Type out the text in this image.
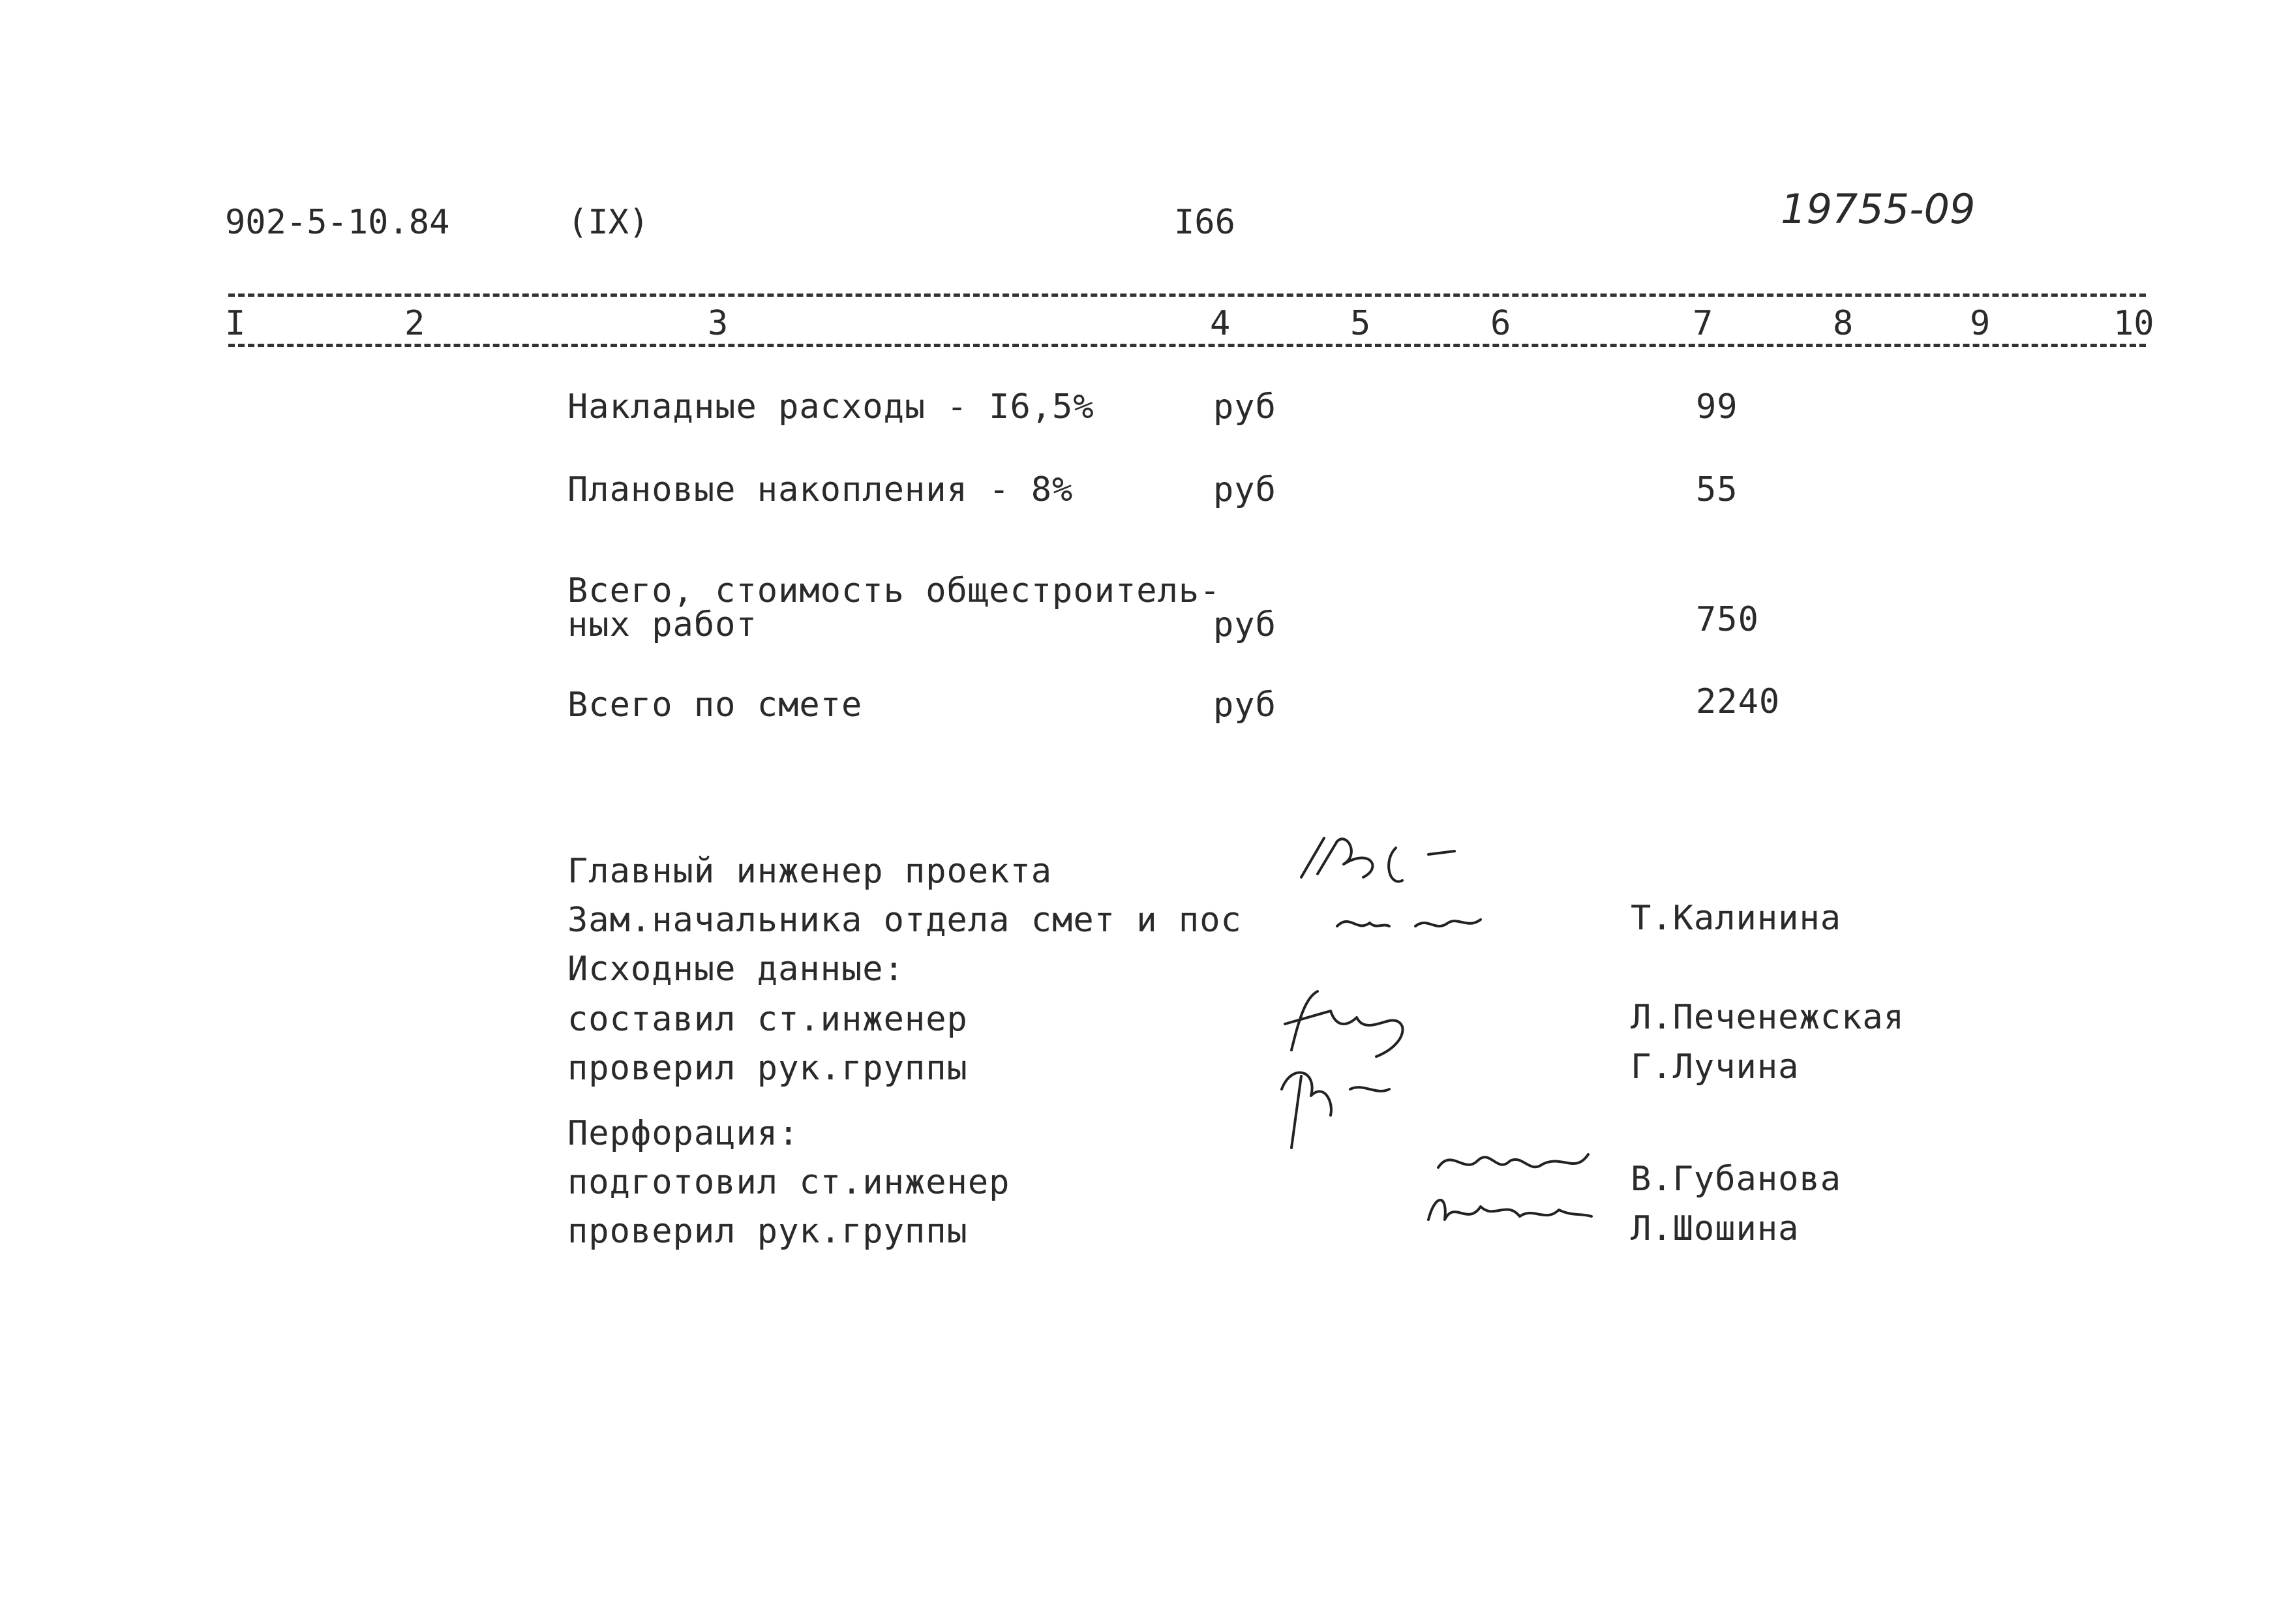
902-5-10.84	(IX)	I66	19755-09
I	2	3	4	5	6	7	8	9	10
Накладные расходы - I6,5%	руб	99
Плановые накопления - 8%	руб	55
Всего, стоимость общестроитель-
ных работ	руб	750
Всего по смете	руб	2240
Главный инженер проекта
Зам.начальника отдела смет и пос	Т.Калинина
Исходные данные:
составил ст.инженер	Л.Печенежская
проверил рук.группы	Г.Лучина
Перфорация:
подготовил ст.инженер	В.Губанова
проверил рук.группы	Л.Шошина
